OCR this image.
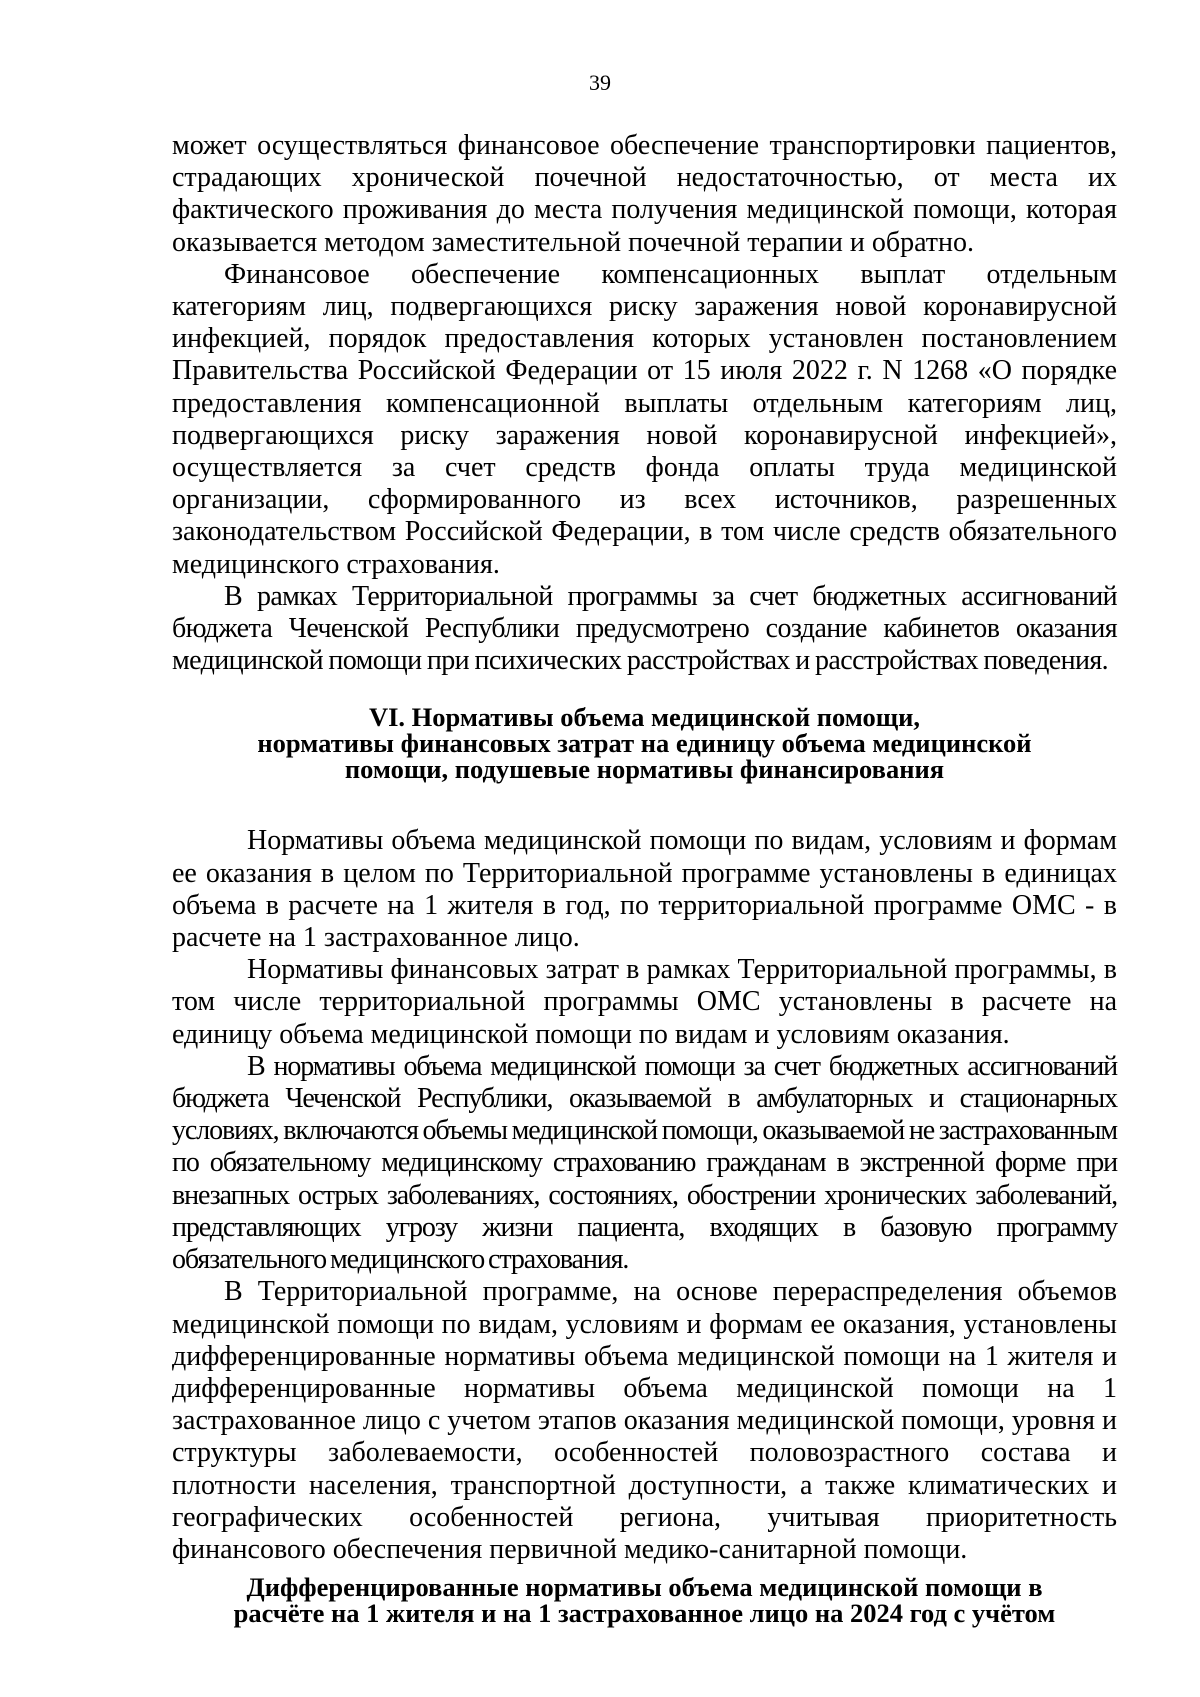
39

может осуществляться финансовое обеспечение транспортировки пациентов, страдающих хронической почечной недостаточностью, от места их фактического проживания до места получения медицинской помощи, которая оказывается методом заместительной почечной терапии и обратно.

Финансовое обеспечение компенсационных выплат отдельным категориям лиц, подвергающихся риску заражения новой коронавирусной инфекцией, порядок предоставления которых установлен постановлением Правительства Российской Федерации от 15 июля 2022 г. N 1268 «О порядке предоставления компенсационной выплаты отдельным категориям лиц, подвергающихся риску заражения новой коронавирусной инфекцией», осуществляется за счет средств фонда оплаты труда медицинской организации, сформированного из всех источников, разрешенных законодательством Российской Федерации, в том числе средств обязательного медицинского страхования.

В рамках Территориальной программы за счет бюджетных ассигнований бюджета Чеченской Республики предусмотрено создание кабинетов оказания медицинской помощи при психических расстройствах и расстройствах поведения.

VI. Нормативы объема медицинской помощи,
нормативы финансовых затрат на единицу объема медицинской
помощи, подушевые нормативы финансирования

Нормативы объема медицинской помощи по видам, условиям и формам ее оказания в целом по Территориальной программе установлены в единицах объема в расчете на 1 жителя в год, по территориальной программе ОМС - в расчете на 1 застрахованное лицо.

Нормативы финансовых затрат в рамках Территориальной программы, в том числе территориальной программы ОМС установлены в расчете на единицу объема медицинской помощи по видам и условиям оказания.

В нормативы объема медицинской помощи за счет бюджетных ассигнований бюджета Чеченской Республики, оказываемой в амбулаторных и стационарных условиях, включаются объемы медицинской помощи, оказываемой не застрахованным по обязательному медицинскому страхованию гражданам в экстренной форме при внезапных острых заболеваниях, состояниях, обострении хронических заболеваний, представляющих угрозу жизни пациента, входящих в базовую программу обязательного медицинского страхования.

В Территориальной программе, на основе перераспределения объемов медицинской помощи по видам, условиям и формам ее оказания, установлены дифференцированные нормативы объема медицинской помощи на 1 жителя и дифференцированные нормативы объема медицинской помощи на 1 застрахованное лицо с учетом этапов оказания медицинской помощи, уровня и структуры заболеваемости, особенностей половозрастного состава и плотности населения, транспортной доступности, а также климатических и географических особенностей региона, учитывая приоритетность финансового обеспечения первичной медико-санитарной помощи.

Дифференцированные нормативы объема медицинской помощи в
расчёте на 1 жителя и на 1 застрахованное лицо на 2024 год с учётом
